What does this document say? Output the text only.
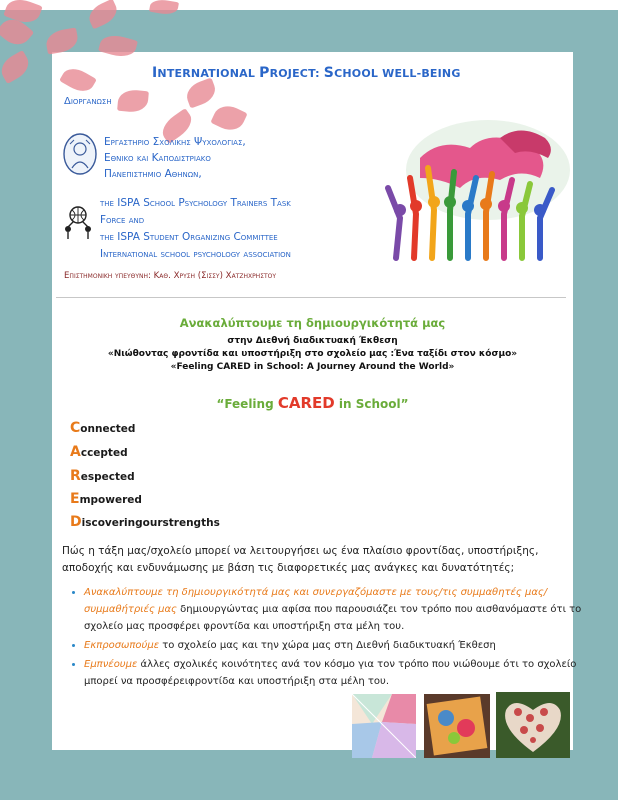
INTERNATIONAL PROJECT: SCHOOL WELL-BEING
Διοργανωση
Εργαστηριο Σχολικης Ψυχολογιας,
Εθνικο και Καποδιστριακο
Πανεπιστημιο Αθηνων,
the ISPA School Psychology Trainers Task
Force and
the ISPA Student Organizing Committee
International school psychology association
Επιστημονικη υπευθυνη: Καθ. Χρυση (Σισσυ) Χατζηχρηστου
Ανακαλύπτουμε τη δημιουργικότητά μας
στην Διεθνή διαδικτυακή Έκθεση
«Νιώθοντας φροντίδα και υποστήριξη στο σχολείο μας :Ένα ταξίδι στον κόσμο»
«Feeling CARED in School: A Journey Around the World»
“Feeling CARED in School”
Connected
Accepted
Respected
Empowered
Discoveringourstrengths
Πώς η τάξη μας/σχολείο μπορεί να λειτουργήσει ως ένα πλαίσιο φροντίδας, υποστήριξης, αποδοχής και ενδυνάμωσης με βάση τις διαφορετικές μας ανάγκες και δυνατότητές;
• Ανακαλύπτουμε τη δημιουργικότητά μας και συνεργαζόμαστε με τους/τις συμμαθητές μας/συμμαθήτριές μας δημιουργώντας μια αφίσα που παρουσιάζει τον τρόπο που αισθανόμαστε ότι το σχολείο μας προσφέρει φροντίδα και υποστήριξη στα μέλη του.
• Εκπροσωπούμε το σχολείο μας και την χώρα μας στη Διεθνή διαδικτυακή Έκθεση
• Εμπνέουμε άλλες σχολικές κοινότητες ανά τον κόσμο για τον τρόπο που νιώθουμε ότι το σχολείο μπορεί να προσφέρειφροντίδα και υποστήριξη στα μέλη του.
